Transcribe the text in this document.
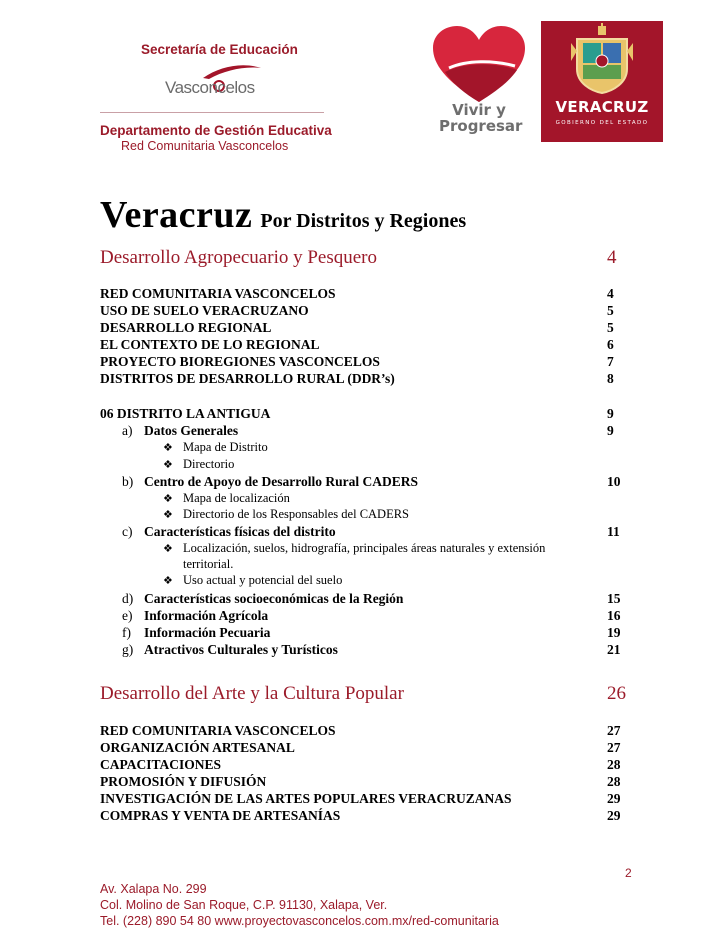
Secretaría de Educación
Vasconcelos
Departamento de Gestión Educativa
Red Comunitaria Vasconcelos
Vivir y
Progresar
VERACRUZ
GOBIERNO DEL ESTADO
Veracruz Por Distritos y Regiones
Desarrollo Agropecuario y Pesquero	4
RED COMUNITARIA VASCONCELOS	4
USO DE SUELO VERACRUZANO	5
DESARROLLO REGIONAL	5
EL CONTEXTO DE LO REGIONAL	6
PROYECTO BIOREGIONES VASCONCELOS	7
DISTRITOS DE DESARROLLO RURAL (DDR’s)	8
06 DISTRITO LA ANTIGUA	9
a) Datos Generales	9
❖ Mapa de Distrito
❖ Directorio
b) Centro de Apoyo de Desarrollo Rural CADERS	10
❖ Mapa de localización
❖ Directorio de los Responsables del CADERS
c) Características físicas del distrito	11
❖ Localización, suelos, hidrografía, principales áreas naturales y extensión
territorial.
❖ Uso actual y potencial del suelo
d) Características socioeconómicas de la Región	15
e) Información Agrícola	16
f) Información Pecuaria	19
g) Atractivos Culturales y Turísticos	21
Desarrollo del Arte y la Cultura Popular	26
RED COMUNITARIA VASCONCELOS	27
ORGANIZACIÓN ARTESANAL	27
CAPACITACIONES	28
PROMOSIÓN Y DIFUSIÓN	28
INVESTIGACIÓN DE LAS ARTES POPULARES VERACRUZANAS	29
COMPRAS Y VENTA DE ARTESANÍAS	29
2
Av. Xalapa No. 299
Col. Molino de San Roque, C.P. 91130, Xalapa, Ver.
Tel. (228) 890 54 80 www.proyectovasconcelos.com.mx/red-comunitaria
